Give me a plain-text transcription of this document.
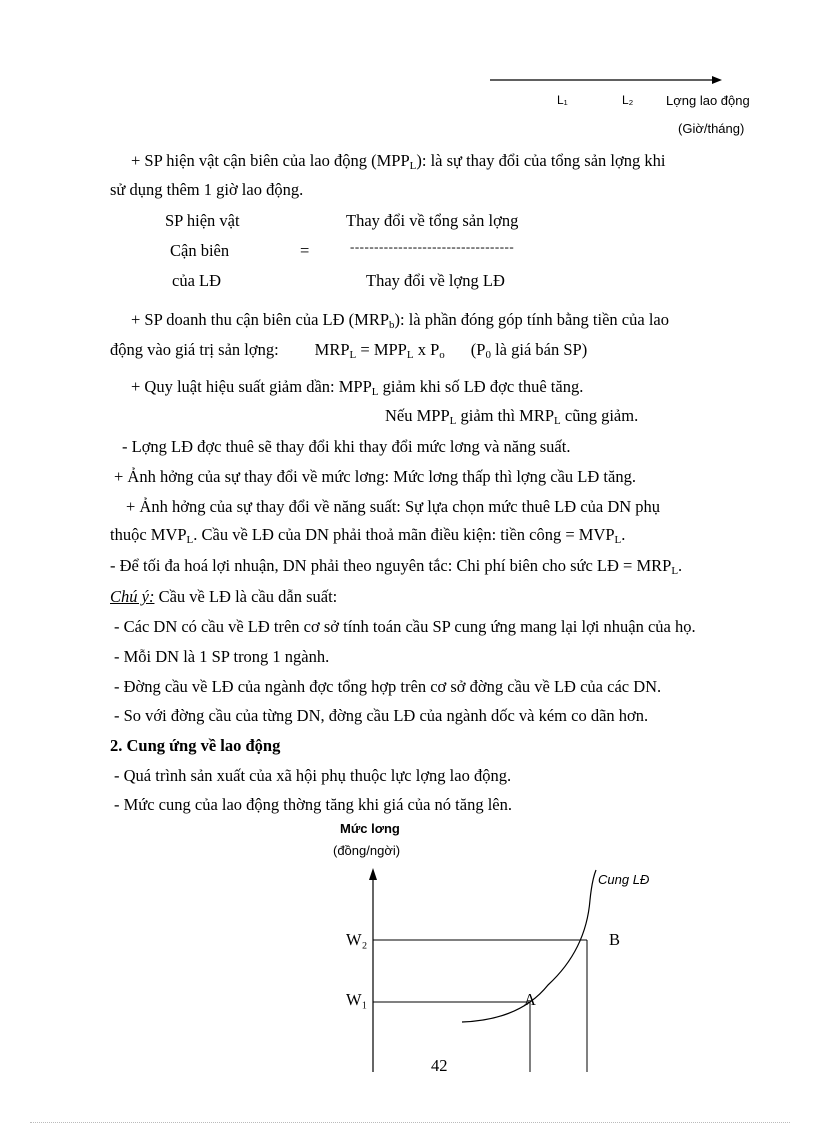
L₁	L₂	Lợng lao động
(Giờ/tháng)
+ SP hiện vật cận biên của lao động $(MPP_L)$: là sự thay đổi của tổng sản lợng khi
sử dụng thêm 1 giờ lao động.
SP hiện vật
Cận biên
của LĐ
=
Thay đổi về tổng sản lợng
----------------------------------
Thay đổi về lợng LĐ
+ SP doanh thu cận biên của LĐ $(MRP_b)$: là phần đóng góp tính bằng tiền của lao
động vào giá trị sản lợng: $MRP_L = MPP_L$ x $P_o$ ($P_0$ là giá bán SP)
+ Quy luật hiệu suất giảm dần: $MPP_L$ giảm khi số LĐ đợc thuê tăng.
Nếu $MPP_L$ giảm thì $MRP_L$ cũng giảm.
- Lợng LĐ đợc thuê sẽ thay đổi khi thay đổi mức lơng và năng suất.
+ Ảnh hởng của sự thay đổi về mức lơng: Mức lơng thấp thì lợng cầu LĐ tăng.
+ Ảnh hởng của sự thay đổi về năng suất: Sự lựa chọn mức thuê LĐ của DN phụ
thuộc $MVP_L$. Cầu về LĐ của DN phải thoả mãn điều kiện: tiền công = $MVP_L$.
- Để tối đa hoá lợi nhuận, DN phải theo nguyên tắc: Chi phí biên cho sức LĐ = $MRP_L$.
Chú ý: Cầu về LĐ là cầu dẫn suất:
- Các DN có cầu về LĐ trên cơ sở tính toán cầu SP cung ứng mang lại lợi nhuận của họ.
- Mỗi DN là 1 SP trong 1 ngành.
- Đờng cầu về LĐ của ngành đợc tổng hợp trên cơ sở đờng cầu về LĐ của các DN.
- So với đờng cầu của từng DN, đờng cầu LĐ của ngành dốc và kém co dãn hơn.
2. Cung ứng về lao động
- Quá trình sản xuất của xã hội phụ thuộc lực lợng lao động.
- Mức cung của lao động thờng tăng khi giá của nó tăng lên.
Mức lơng
(đồng/ngời)
Cung LĐ
W₂
W₁
B
A
42
